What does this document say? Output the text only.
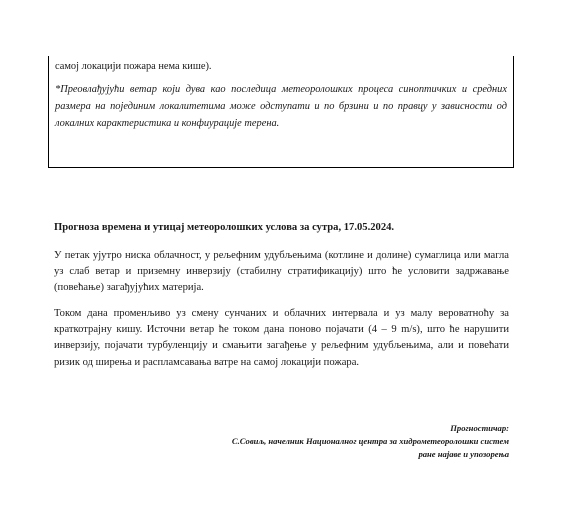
самој локацији пожара нема кише).

*Преовлађујући ветар који дува као последица метеоролошких процеса синоптичких и средних размера на појединим локалитетима може одступати и по брзини и по правцу у зависности од локалних карактеристика и конфиурације терена.

Прогноза времена и утицај метеоролошких услова за сутра, 17.05.2024.

У петак ујутро ниска облачност, у рељефним удубљењима (котлине и долине) сумаглица или магла уз слаб ветар и приземну инверзију (стабилну стратификацију) што ће условити задржавање (повећање) загађујућих материја.

Током дана променљиво уз смену сунчаних и облачних интервала и уз малу вероватноћу за краткотрајну кишу. Источни ветар ће током дана поново појачати (4 – 9 m/s), што ће нарушити инверзију, појачати турбуленцију и смањити загађење у рељефним удубљењима, али и повећати ризик од ширења и распламсавања ватре на самој локацији пожара.

Прогностичар:
С.Совиљ, начелник Националног центра за хидрометеоролошки систем
ране најаве и упозорења
